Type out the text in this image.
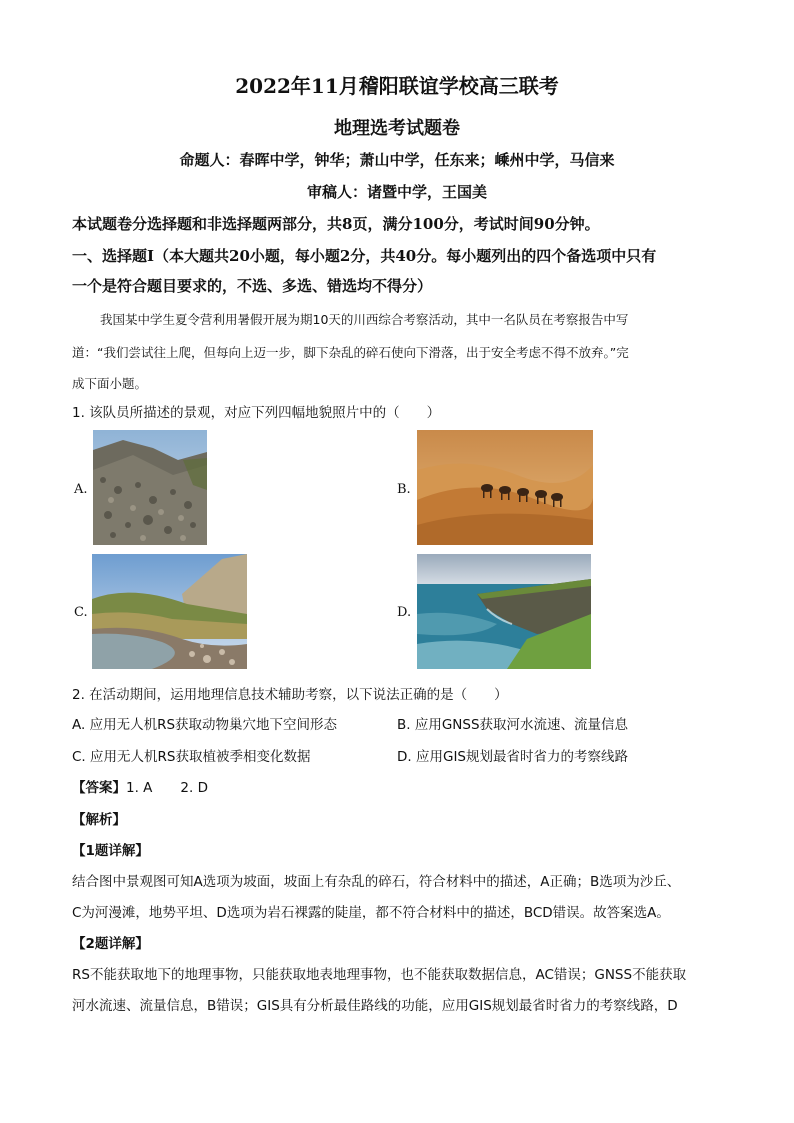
2022年11月稽阳联谊学校高三联考
地理选考试题卷
命题人：春晖中学，钟华；萧山中学，任东来；嵊州中学，马信来
审稿人：诸暨中学，王国美
本试题卷分选择题和非选择题两部分，共8页，满分100分，考试时间90分钟。
一、选择题Ⅰ（本大题共20小题，每小题2分，共40分。每小题列出的四个备选项中只有
一个是符合题目要求的，不选、多选、错选均不得分）
我国某中学生夏令营利用暑假开展为期10天的川西综合考察活动，其中一名队员在考察报告中写
道：“我们尝试往上爬，但每向上迈一步，脚下杂乱的碎石使向下滑落，出于安全考虑不得不放弃。”完
成下面小题。
1. 该队员所描述的景观，对应下列四幅地貌照片中的（　　）
A.	B.
C.	D.
2. 在活动期间，运用地理信息技术辅助考察，以下说法正确的是（　　）
A. 应用无人机RS获取动物巢穴地下空间形态	B. 应用GNSS获取河水流速、流量信息
C. 应用无人机RS获取植被季相变化数据	D. 应用GIS规划最省时省力的考察线路
【答案】1. A 2. D
【解析】
【1题详解】
结合图中景观图可知A选项为坡面，坡面上有杂乱的碎石，符合材料中的描述，A正确；B选项为沙丘、
C为河漫滩，地势平坦、D选项为岩石裸露的陡崖，都不符合材料中的描述，BCD错误。故答案选A。
【2题详解】
RS不能获取地下的地理事物，只能获取地表地理事物，也不能获取数据信息，AC错误；GNSS不能获取
河水流速、流量信息，B错误；GIS具有分析最佳路线的功能，应用GIS规划最省时省力的考察线路，D
